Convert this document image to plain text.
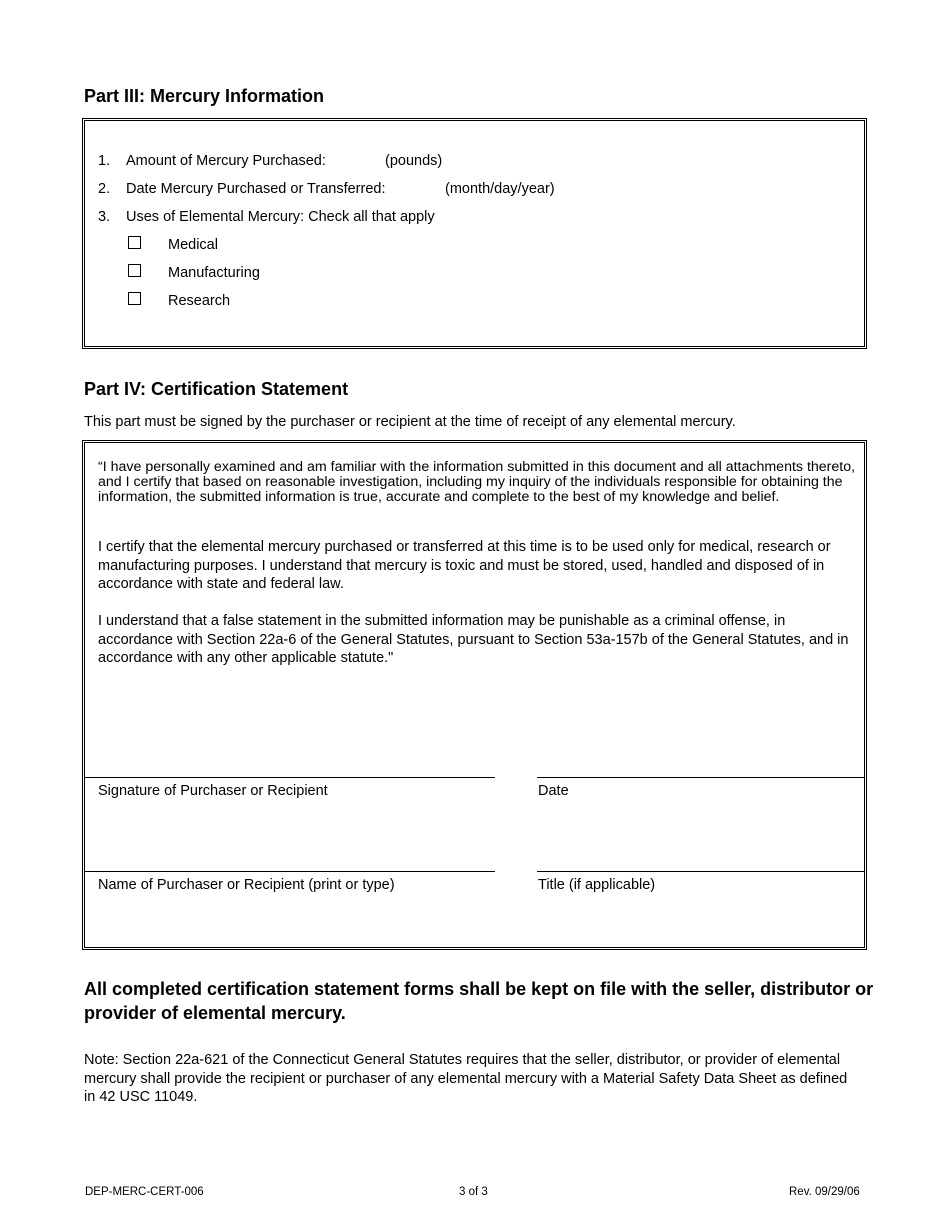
Part III: Mercury Information
1. Amount of Mercury Purchased:	(pounds)
2. Date Mercury Purchased or Transferred:	(month/day/year)
3. Uses of Elemental Mercury: Check all that apply
Medical
Manufacturing
Research
Part IV: Certification Statement
This part must be signed by the purchaser or recipient at the time of receipt of any elemental mercury.
“I have personally examined and am familiar with the information submitted in this document and all attachments thereto, and I certify that based on reasonable investigation, including my inquiry of the individuals responsible for obtaining the information, the submitted information is true, accurate and complete to the best of my knowledge and belief.
I certify that the elemental mercury purchased or transferred at this time is to be used only for medical, research or manufacturing purposes. I understand that mercury is toxic and must be stored, used, handled and disposed of in accordance with state and federal law.
I understand that a false statement in the submitted information may be punishable as a criminal offense, in accordance with Section 22a-6 of the General Statutes, pursuant to Section 53a-157b of the General Statutes, and in accordance with any other applicable statute."
Signature of Purchaser or Recipient	Date
Name of Purchaser or Recipient (print or type)	Title (if applicable)
All completed certification statement forms shall be kept on file with the seller, distributor or provider of elemental mercury.
Note: Section 22a-621 of the Connecticut General Statutes requires that the seller, distributor, or provider of elemental mercury shall provide the recipient or purchaser of any elemental mercury with a Material Safety Data Sheet as defined in 42 USC 11049.
DEP-MERC-CERT-006	3 of 3	Rev. 09/29/06
